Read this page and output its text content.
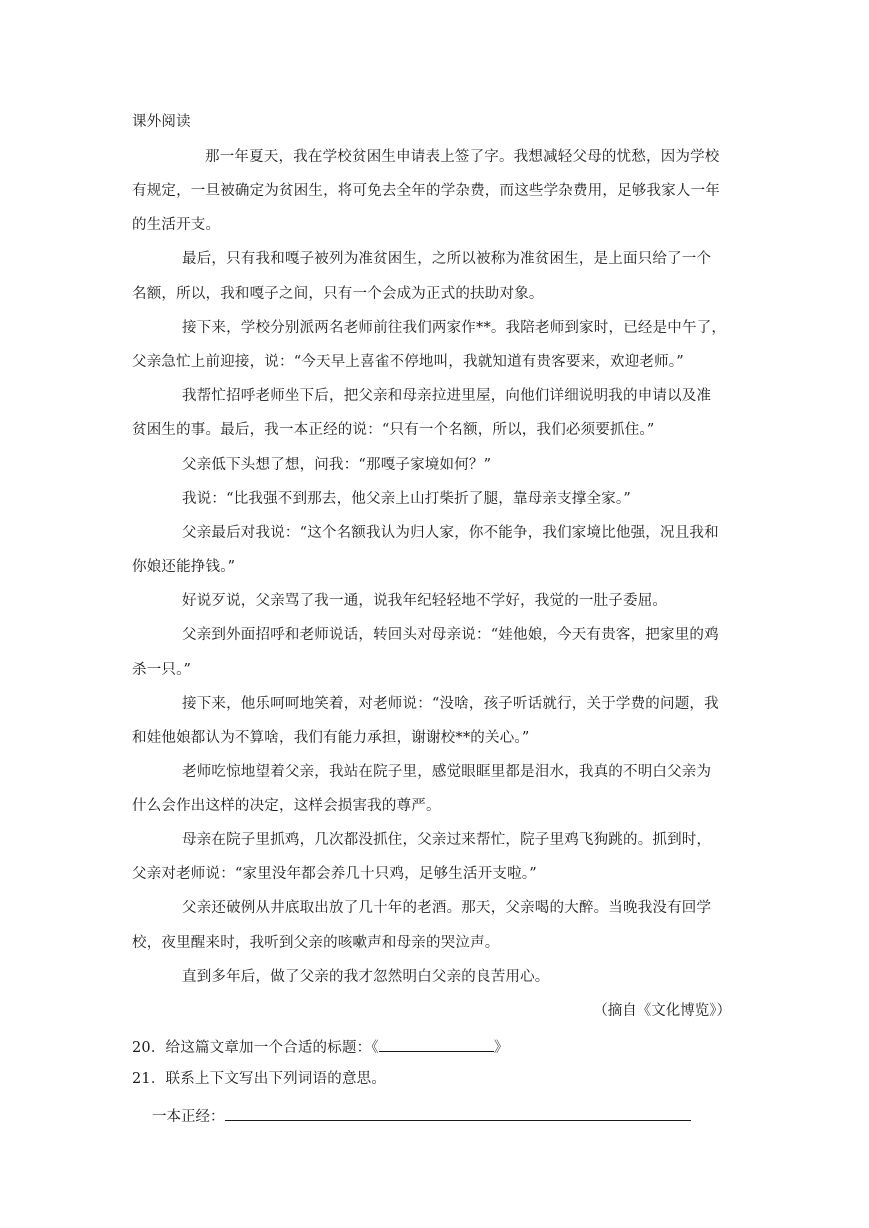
课外阅读
那一年夏天，我在学校贫困生申请表上签了字。我想减轻父母的忧愁，因为学校
有规定，一旦被确定为贫困生，将可免去全年的学杂费，而这些学杂费用，足够我家人一年
的生活开支。
最后，只有我和嘎子被列为准贫困生，之所以被称为准贫困生，是上面只给了一个
名额，所以，我和嘎子之间，只有一个会成为正式的扶助对象。
接下来，学校分别派两名老师前往我们两家作**。我陪老师到家时，已经是中午了，
父亲急忙上前迎接，说：“今天早上喜雀不停地叫，我就知道有贵客要来，欢迎老师。”
我帮忙招呼老师坐下后，把父亲和母亲拉进里屋，向他们详细说明我的申请以及准
贫困生的事。最后，我一本正经的说：“只有一个名额，所以，我们必须要抓住。”
父亲低下头想了想，问我：“那嘎子家境如何？”
我说：“比我强不到那去，他父亲上山打柴折了腿，靠母亲支撑全家。”
父亲最后对我说：“这个名额我认为归人家，你不能争，我们家境比他强，况且我和
你娘还能挣钱。”
好说歹说，父亲骂了我一通，说我年纪轻轻地不学好，我觉的一肚子委屈。
父亲到外面招呼和老师说话，转回头对母亲说：“娃他娘，今天有贵客，把家里的鸡
杀一只。”
接下来，他乐呵呵地笑着，对老师说：“没啥，孩子听话就行，关于学费的问题，我
和娃他娘都认为不算啥，我们有能力承担，谢谢校**的关心。”
老师吃惊地望着父亲，我站在院子里，感觉眼眶里都是泪水，我真的不明白父亲为
什么会作出这样的决定，这样会损害我的尊严。
母亲在院子里抓鸡，几次都没抓住，父亲过来帮忙，院子里鸡飞狗跳的。抓到时，
父亲对老师说：“家里没年都会养几十只鸡，足够生活开支啦。”
父亲还破例从井底取出放了几十年的老酒。那天，父亲喝的大醉。当晚我没有回学
校，夜里醒来时，我听到父亲的咳嗽声和母亲的哭泣声。
直到多年后，做了父亲的我才忽然明白父亲的良苦用心。
（摘自《文化博览》）
20．给这篇文章加一个合适的标题：《	》
21．联系上下文写出下列词语的意思。
一本正经：
